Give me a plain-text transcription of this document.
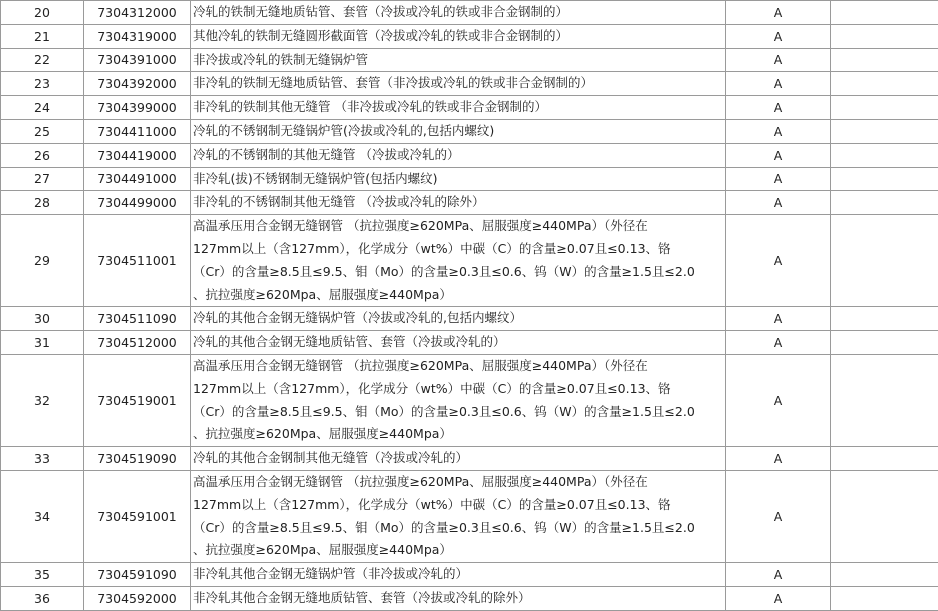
20	7304312000	冷轧的铁制无缝地质钻管、套管（冷拔或冷轧的铁或非合金钢制的）	A	
21	7304319000	其他冷轧的铁制无缝圆形截面管（冷拔或冷轧的铁或非合金钢制的）	A	
22	7304391000	非冷拔或冷轧的铁制无缝锅炉管	A	
23	7304392000	非冷轧的铁制无缝地质钻管、套管（非冷拔或冷轧的铁或非合金钢制的）	A	
24	7304399000	非冷轧的铁制其他无缝管 （非冷拔或冷轧的铁或非合金钢制的）	A	
25	7304411000	冷轧的不锈钢制无缝锅炉管(冷拔或冷轧的,包括内螺纹)	A	
26	7304419000	冷轧的不锈钢制的其他无缝管 （冷拔或冷轧的）	A	
27	7304491000	非冷轧(拔)不锈钢制无缝锅炉管(包括内螺纹)	A	
28	7304499000	非冷轧的不锈钢制其他无缝管 （冷拔或冷轧的除外）	A	
29	7304511001	高温承压用合金钢无缝钢管 （抗拉强度≥620MPa、屈服强度≥440MPa）（外径在
127mm以上（含127mm），化学成分（wt%）中碳（C）的含量≥0.07且≤0.13、铬
（Cr）的含量≥8.5且≤9.5、钼（Mo）的含量≥0.3且≤0.6、钨（W）的含量≥1.5且≤2.0
、抗拉强度≥620Mpa、屈服强度≥440Mpa）	A	
30	7304511090	冷轧的其他合金钢无缝锅炉管（冷拔或冷轧的,包括内螺纹）	A	
31	7304512000	冷轧的其他合金钢无缝地质钻管、套管（冷拔或冷轧的）	A	
32	7304519001	高温承压用合金钢无缝钢管 （抗拉强度≥620MPa、屈服强度≥440MPa）（外径在
127mm以上（含127mm），化学成分（wt%）中碳（C）的含量≥0.07且≤0.13、铬
（Cr）的含量≥8.5且≤9.5、钼（Mo）的含量≥0.3且≤0.6、钨（W）的含量≥1.5且≤2.0
、抗拉强度≥620Mpa、屈服强度≥440Mpa）	A	
33	7304519090	冷轧的其他合金钢制其他无缝管（冷拔或冷轧的）	A	
34	7304591001	高温承压用合金钢无缝钢管 （抗拉强度≥620MPa、屈服强度≥440MPa）（外径在
127mm以上（含127mm），化学成分（wt%）中碳（C）的含量≥0.07且≤0.13、铬
（Cr）的含量≥8.5且≤9.5、钼（Mo）的含量≥0.3且≤0.6、钨（W）的含量≥1.5且≤2.0
、抗拉强度≥620Mpa、屈服强度≥440Mpa）	A	
35	7304591090	非冷轧其他合金钢无缝锅炉管（非冷拔或冷轧的）	A	
36	7304592000	非冷轧其他合金钢无缝地质钻管、套管（冷拔或冷轧的除外）	A	
